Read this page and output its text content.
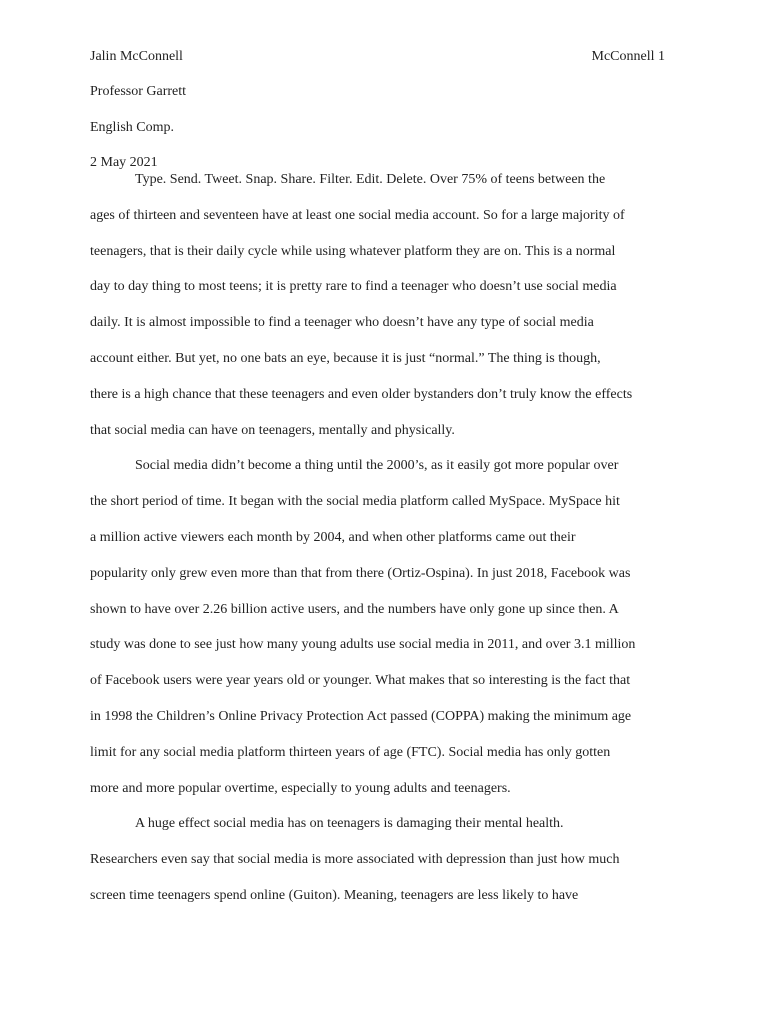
Jalin McConnell	McConnell 1
Professor Garrett
English Comp.
2 May 2021
Type. Send. Tweet. Snap. Share. Filter. Edit. Delete. Over 75% of teens between the
ages of thirteen and seventeen have at least one social media account. So for a large majority of
teenagers, that is their daily cycle while using whatever platform they are on. This is a normal
day to day thing to most teens; it is pretty rare to find a teenager who doesn’t use social media
daily. It is almost impossible to find a teenager who doesn’t have any type of social media
account either. But yet, no one bats an eye, because it is just “normal.” The thing is though,
there is a high chance that these teenagers and even older bystanders don’t truly know the effects
that social media can have on teenagers, mentally and physically.
Social media didn’t become a thing until the 2000’s, as it easily got more popular over
the short period of time. It began with the social media platform called MySpace. MySpace hit
a million active viewers each month by 2004, and when other platforms came out their
popularity only grew even more than that from there (Ortiz-Ospina). In just 2018, Facebook was
shown to have over 2.26 billion active users, and the numbers have only gone up since then. A
study was done to see just how many young adults use social media in 2011, and over 3.1 million
of Facebook users were year years old or younger. What makes that so interesting is the fact that
in 1998 the Children’s Online Privacy Protection Act passed (COPPA) making the minimum age
limit for any social media platform thirteen years of age (FTC). Social media has only gotten
more and more popular overtime, especially to young adults and teenagers.
A huge effect social media has on teenagers is damaging their mental health.
Researchers even say that social media is more associated with depression than just how much
screen time teenagers spend online (Guiton). Meaning, teenagers are less likely to have
